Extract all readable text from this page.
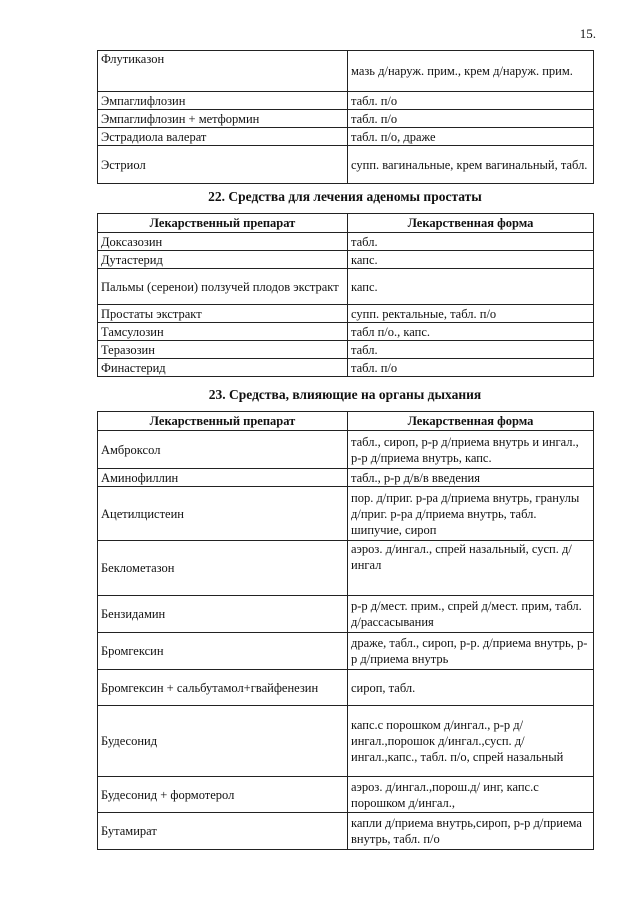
15.
Флутиказон	мазь д/наруж. прим., крем д/наруж. прим.
Эмпаглифлозин	табл. п/о
Эмпаглифлозин + метформин	табл. п/о
Эстрадиола валерат	табл. п/о, драже
Эстриол	супп. вагинальные, крем вагинальный, табл.
22. Средства для лечения аденомы простаты
Лекарственный препарат	Лекарственная форма
Доксазозин	табл.
Дутастерид	капс.
Пальмы (серенои) ползучей плодов экстракт	капс.
Простаты экстракт	супп. ректальные, табл. п/о
Тамсулозин	табл п/о., капс.
Теразозин	табл.
Финастерид	табл. п/о
23. Средства, влияющие на органы дыхания
Лекарственный препарат	Лекарственная форма
Амброксол	табл., сироп, р-р д/приема внутрь и ингал., р-р д/приема внутрь, капс.
Аминофиллин	табл., р-р д/в/в введения
Ацетилцистеин	пор. д/приг. р-ра д/приема внутрь, гранулы д/приг. р-ра д/приема внутрь, табл. шипучие, сироп
Беклометазон	аэроз. д/ингал., спрей назальный, сусп. д/ингал
Бензидамин	р-р д/мест. прим., спрей д/мест. прим, табл. д/рассасывания
Бромгексин	драже, табл., сироп, р-р. д/приема внутрь, р-р д/приема внутрь
Бромгексин + сальбутамол+гвайфенезин	сироп, табл.
Будесонид	капс.с порошком д/ингал., р-р д/ингал.,порошок д/ингал.,сусп. д/ингал.,капс., табл. п/о, спрей назальный
Будесонид + формотерол	аэроз. д/ингал.,порош.д/ инг, капс.с порошком д/ингал.,
Бутамират	капли д/приема внутрь,сироп, р-р д/приема внутрь, табл. п/о
